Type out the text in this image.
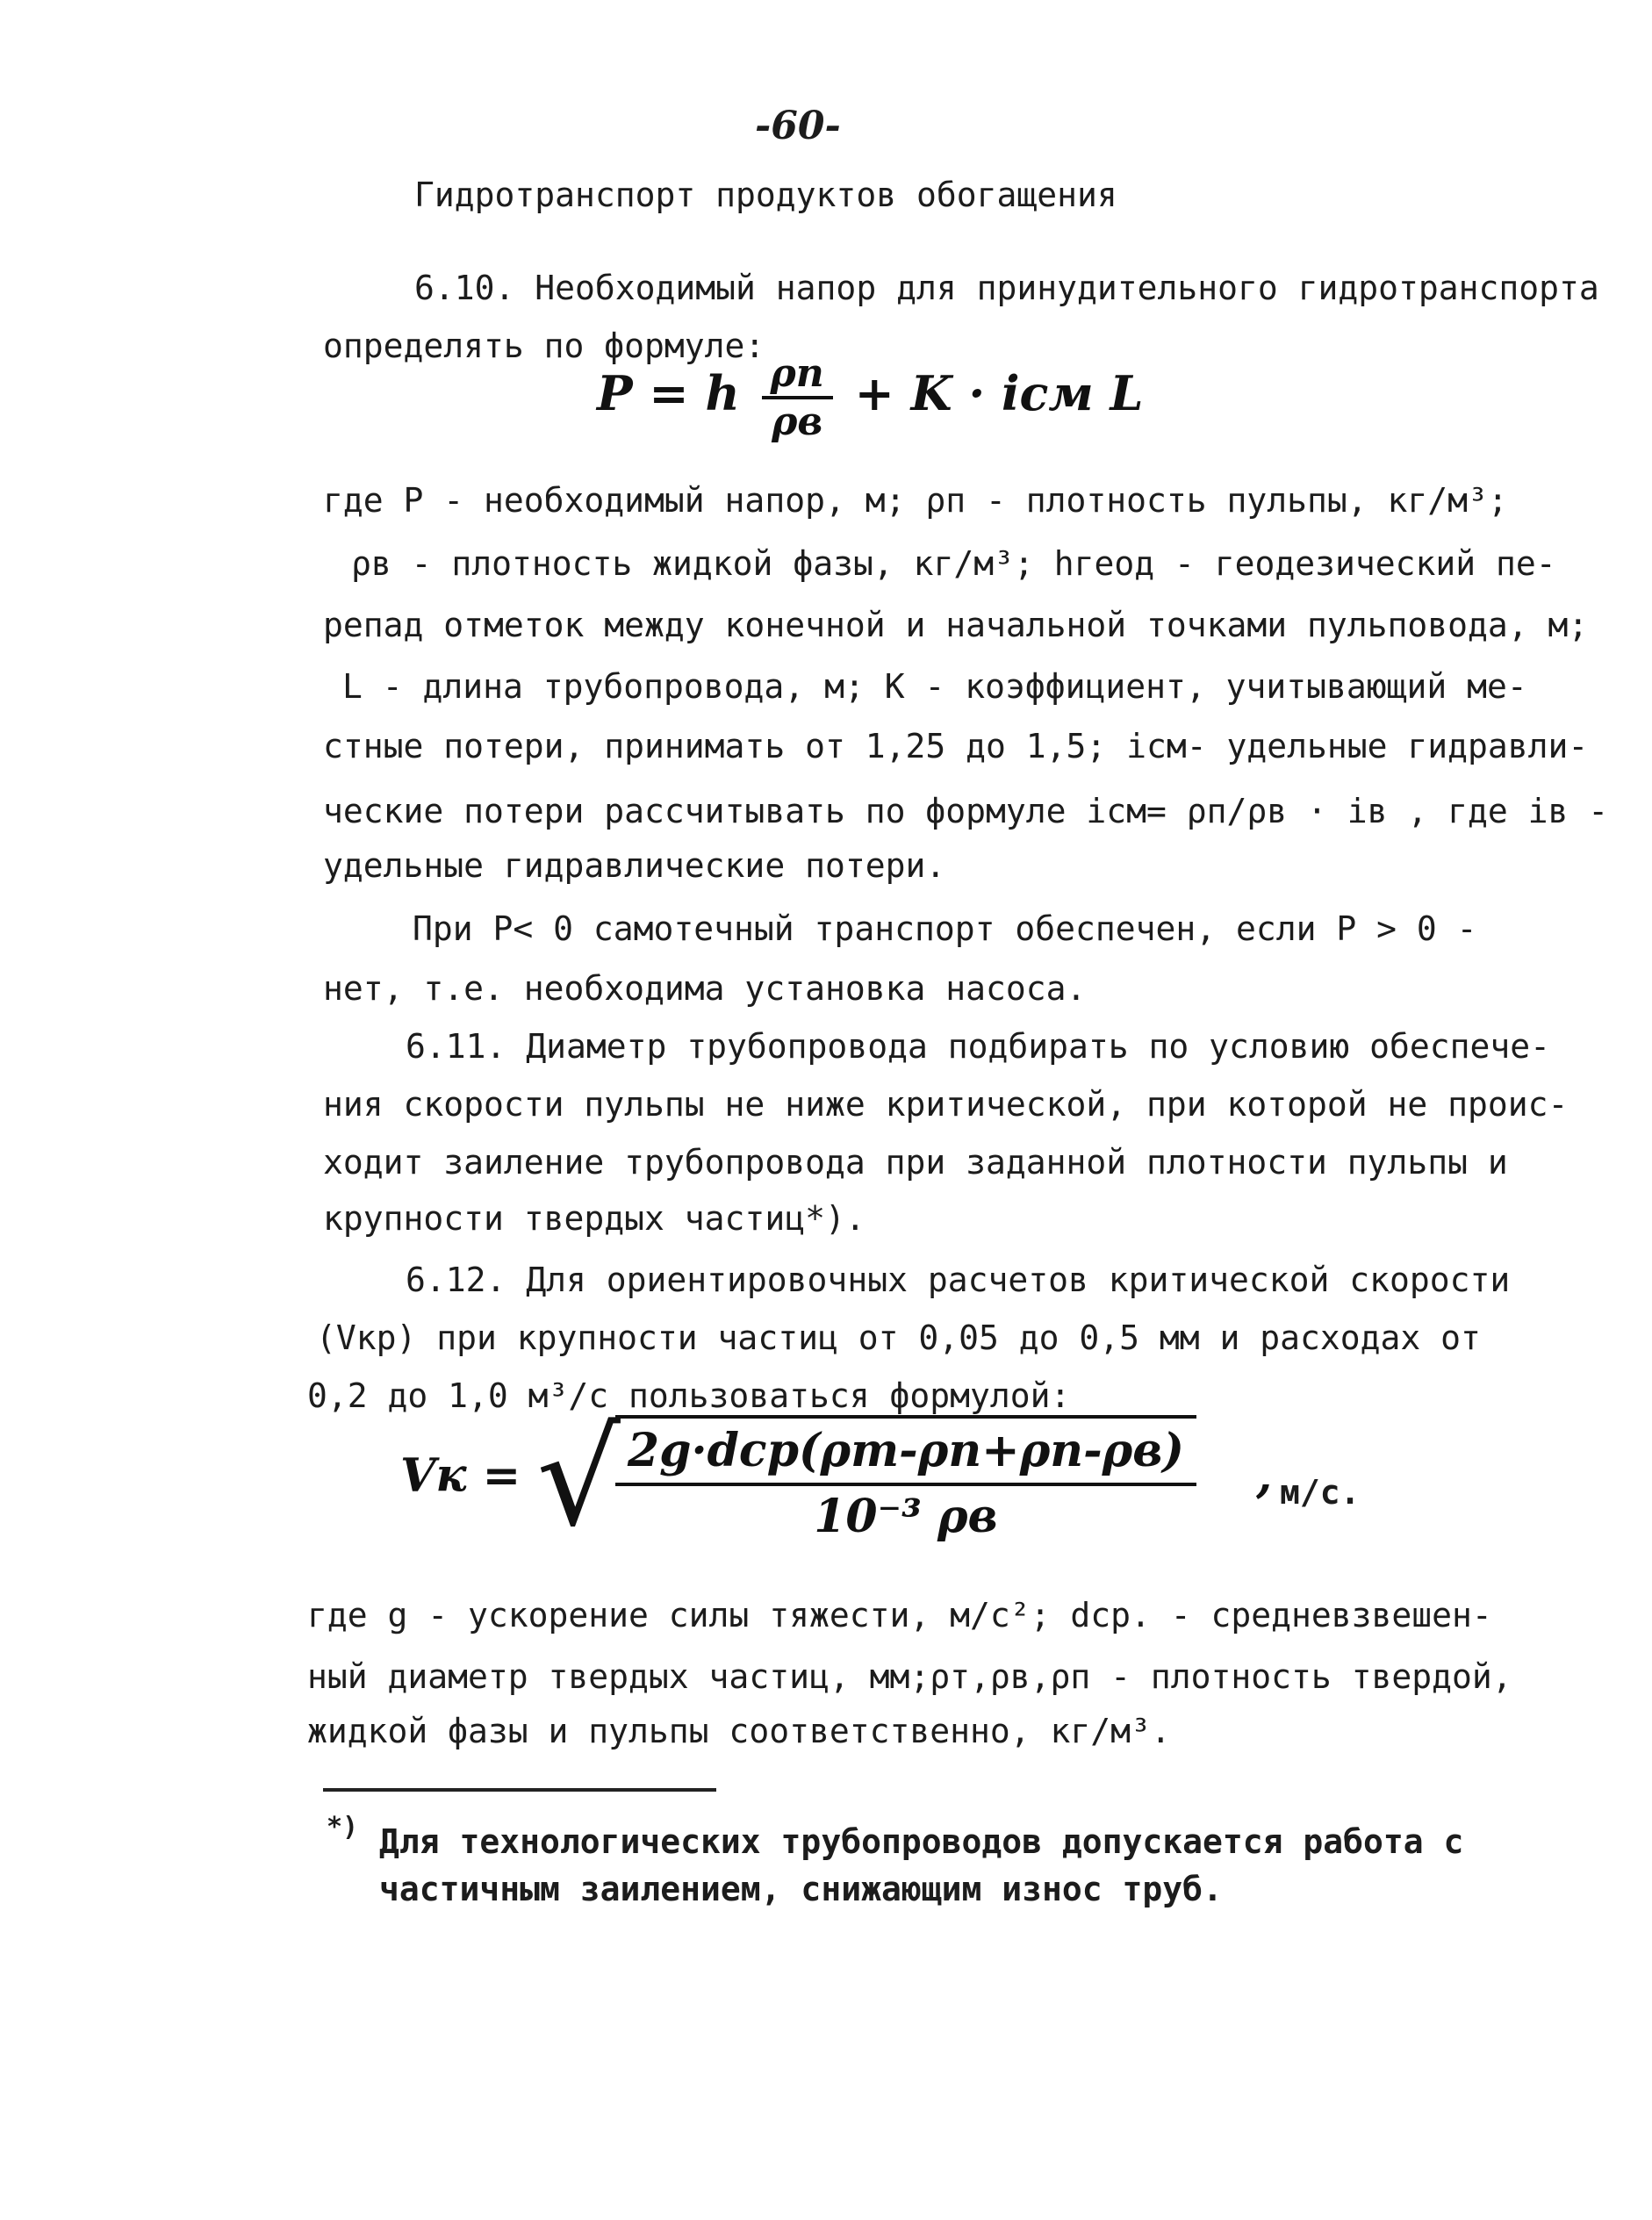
-60-
Гидротранспорт продуктов обогащения
6.10. Необходимый напор для принудительного гидротранспорта
определять по формуле:
P = h $\frac{\rho п}{\rho в} + K$ · iсм L
где P - необходимый напор, м; ρп - плотность пульпы, кг/м³;
ρв - плотность жидкой фазы, кг/м³; hгеод - геодезический пе-
репад отметок между конечной и начальной точками пульповода, м;
L - длина трубопровода, м; K - коэффициент, учитывающий ме-
стные потери, принимать от 1,25 до 1,5; iсм- удельные гидравли-
ческие потери рассчитывать по формуле iсм= ρп/ρв · iв , где iв -
удельные гидравлические потери.
При P< 0 самотечный транспорт обеспечен, если P > 0 -
нет, т.е. необходима установка насоса.
6.11. Диаметр трубопровода подбирать по условию обеспече-
ния скорости пульпы не ниже критической, при которой не проис-
ходит заиление трубопровода при заданной плотности пульпы и
крупности твердых частиц*).
6.12. Для ориентировочных расчетов критической скорости
(Vкр) при крупности частиц от 0,05 до 0,5 мм и расходах от
0,2 до 1,0 м³/с пользоваться формулой:
Vк = √
$\frac{\text{2g·dср(ρт-ρп+ρп-ρв)}}{\text{10⁻³ ρв}}$ , м/с.
где g - ускорение силы тяжести, м/с²; dср. - средневзвешен-
ный диаметр твердых частиц, мм;ρт,ρв,ρп - плотность твердой,
жидкой фазы и пульпы соответственно, кг/м³.
*) Для технологических трубопроводов допускается работа с
частичным заилением, снижающим износ труб.
